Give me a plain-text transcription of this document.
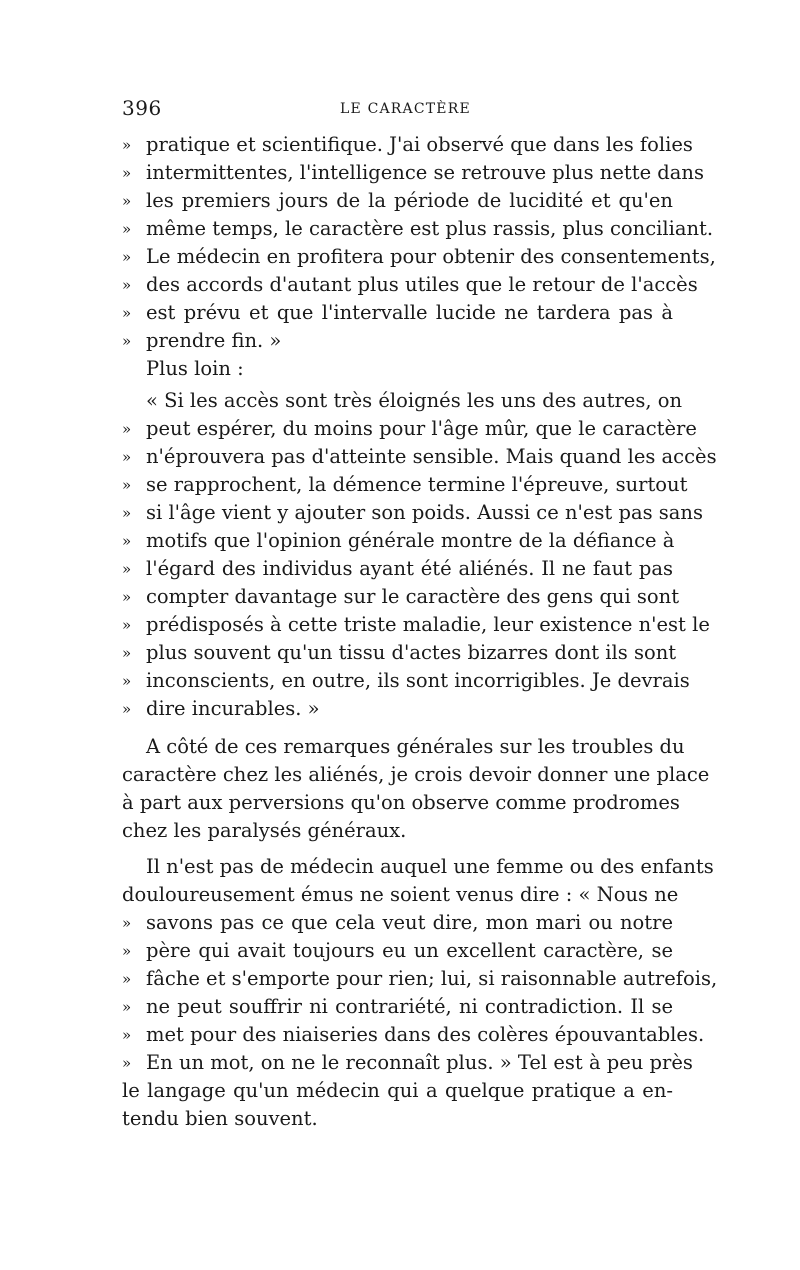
396	LE CARACTÈRE
» pratique et scientifique. J'ai observé que dans les folies
» intermittentes, l'intelligence se retrouve plus nette dans
» les premiers jours de la période de lucidité et qu'en
» même temps, le caractère est plus rassis, plus conciliant.
» Le médecin en profitera pour obtenir des consentements,
» des accords d'autant plus utiles que le retour de l'accès
» est prévu et que l'intervalle lucide ne tardera pas à
» prendre fin. »
Plus loin :
« Si les accès sont très éloignés les uns des autres, on
» peut espérer, du moins pour l'âge mûr, que le caractère
» n'éprouvera pas d'atteinte sensible. Mais quand les accès
» se rapprochent, la démence termine l'épreuve, surtout
» si l'âge vient y ajouter son poids. Aussi ce n'est pas sans
» motifs que l'opinion générale montre de la défiance à
» l'égard des individus ayant été aliénés. Il ne faut pas
» compter davantage sur le caractère des gens qui sont
» prédisposés à cette triste maladie, leur existence n'est le
» plus souvent qu'un tissu d'actes bizarres dont ils sont
» inconscients, en outre, ils sont incorrigibles. Je devrais
» dire incurables. »
A côté de ces remarques générales sur les troubles du
caractère chez les aliénés, je crois devoir donner une place
à part aux perversions qu'on observe comme prodromes
chez les paralysés généraux.
Il n'est pas de médecin auquel une femme ou des enfants
douloureusement émus ne soient venus dire : « Nous ne
» savons pas ce que cela veut dire, mon mari ou notre
» père qui avait toujours eu un excellent caractère, se
» fâche et s'emporte pour rien; lui, si raisonnable autrefois,
» ne peut souffrir ni contrariété, ni contradiction. Il se
» met pour des niaiseries dans des colères épouvantables.
» En un mot, on ne le reconnaît plus. » Tel est à peu près
le langage qu'un médecin qui a quelque pratique a en-
tendu bien souvent.
